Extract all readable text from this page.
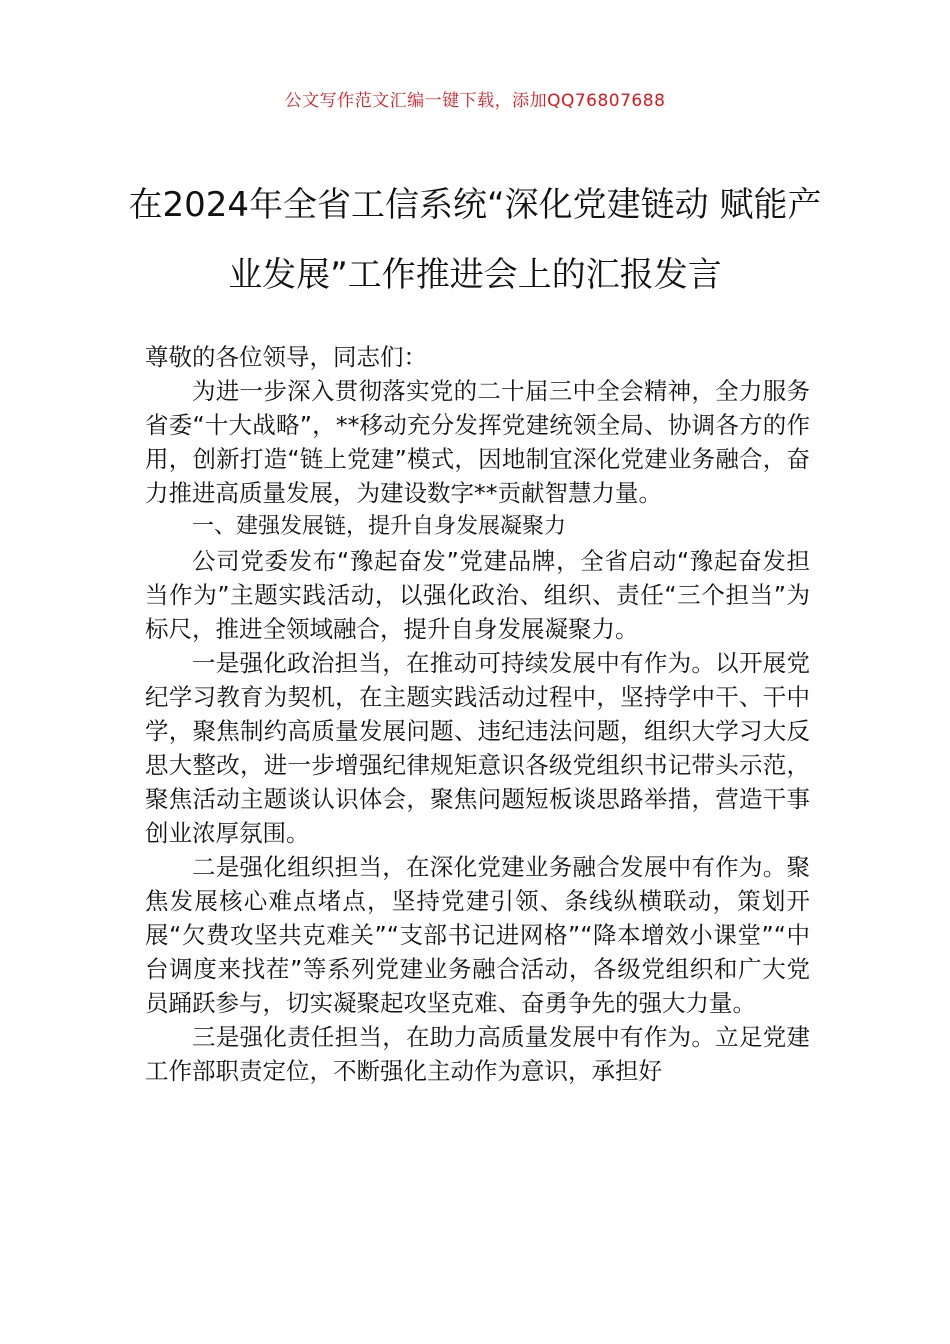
公文写作范文汇编一键下载，添加QQ76807688
在2024年全省工信系统“深化党建链动 赋能产业发展”工作推进会上的汇报发言

尊敬的各位领导，同志们：

为进一步深入贯彻落实党的二十届三中全会精神，全力服务省委“十大战略”，**移动充分发挥党建统领全局、协调各方的作用，创新打造“链上党建”模式，因地制宜深化党建业务融合，奋力推进高质量发展，为建设数字**贡献智慧力量。

一、建强发展链，提升自身发展凝聚力

公司党委发布“豫起奋发”党建品牌，全省启动“豫起奋发担当作为”主题实践活动，以强化政治、组织、责任“三个担当”为标尺，推进全领域融合，提升自身发展凝聚力。

一是强化政治担当，在推动可持续发展中有作为。以开展党纪学习教育为契机，在主题实践活动过程中，坚持学中干、干中学，聚焦制约高质量发展问题、违纪违法问题，组织大学习大反思大整改，进一步增强纪律规矩意识各级党组织书记带头示范，聚焦活动主题谈认识体会，聚焦问题短板谈思路举措，营造干事创业浓厚氛围。

二是强化组织担当，在深化党建业务融合发展中有作为。聚焦发展核心难点堵点，坚持党建引领、条线纵横联动，策划开展“欠费攻坚共克难关”“支部书记进网格”“降本增效小课堂”“中台调度来找茬”等系列党建业务融合活动，各级党组织和广大党员踊跃参与，切实凝聚起攻坚克难、奋勇争先的强大力量。

三是强化责任担当，在助力高质量发展中有作为。立足党建工作部职责定位，不断强化主动作为意识，承担好
